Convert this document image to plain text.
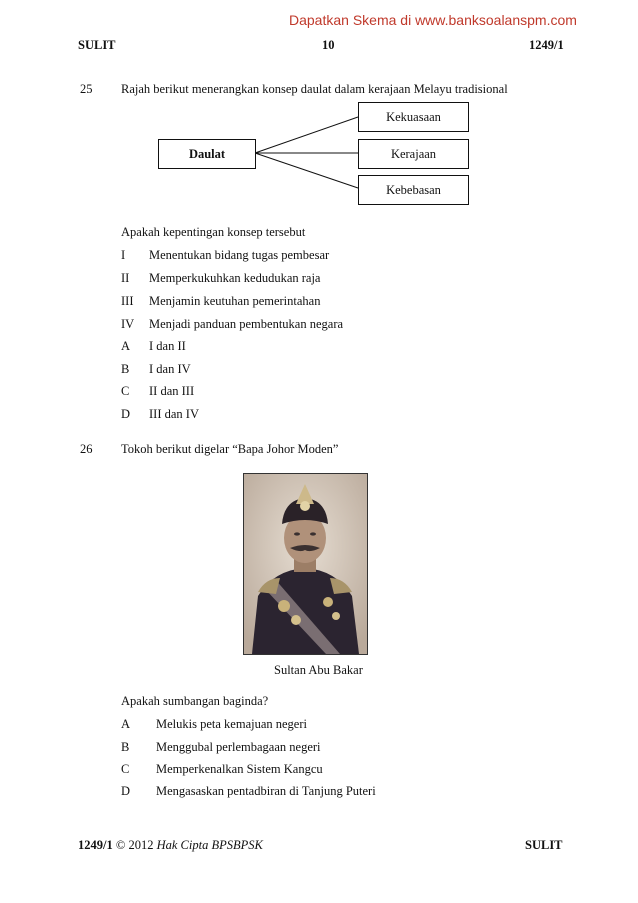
Dapatkan Skema di www.banksoalanspm.com
SULIT	10	1249/1
25 Rajah berikut menerangkan konsep daulat dalam kerajaan Melayu tradisional
Daulat
Kekuasaan
Kerajaan
Kebebasan
Apakah kepentingan konsep tersebut
I Menentukan bidang tugas pembesar
II Memperkukuhkan kedudukan raja
III Menjamin keutuhan pemerintahan
IV Menjadi panduan pembentukan negara
A I dan II
B I dan IV
C II dan III
D III dan IV
26 Tokoh berikut digelar “Bapa Johor Moden”
Sultan Abu Bakar
Apakah sumbangan baginda?
A Melukis peta kemajuan negeri
B Menggubal perlembagaan negeri
C Memperkenalkan Sistem Kangcu
D Mengasaskan pentadbiran di Tanjung Puteri
1249/1 © 2012 Hak Cipta BPSBPSK	SULIT
